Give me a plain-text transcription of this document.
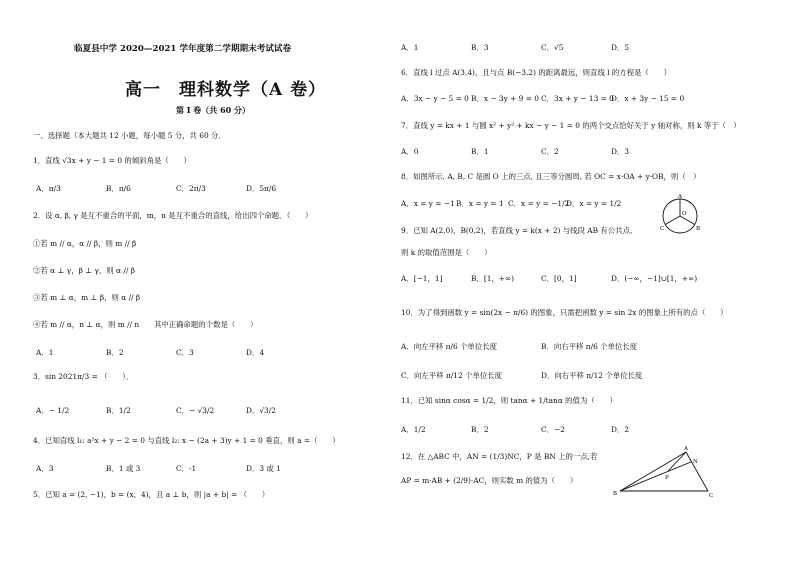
临夏县中学 2020—2021 学年度第二学期期末考试试卷
高一　理科数学（A 卷）
第 I 卷（共 60 分）
一、选择题（本大题共 12 小题，每小题 5 分，共 60 分．
1．直线 √3x + y − 1 = 0 的倾斜角是（　　）
A．π/3	B．π/6	C．2π/3	D．5π/6
2．设 α, β, γ 是互不重合的平面，m，n 是互不重合的直线，给出四个命题．（　　）
①若 m // α，α // β，则 m // β
②若 α ⊥ γ，β ⊥ γ，则 α // β
③若 m ⊥ α，m ⊥ β，则 α // β
④若 m // α，n ⊥ α，则 m // n　　其中正确命题的个数是（　　）
A．1	B．2	C．3	D．4
3．sin 2021π/3 = （　　）．
A．− 1/2	B．1/2	C．− √3/2	D．√3/2
4．已知直线 l₁: a²x + y − 2 = 0 与直线 l₂: x − (2a + 3)y + 1 = 0 垂直，则 a =（　　）
A．3	B．1 或 3	C．-1	D．3 或 1
5．已知 a = (2, −1)，b = (x，4)，且 a ⊥ b，则 |a + b| = （　　）
A．1	B．3	C．√5	D．5
6．直线 l 过点 A(3,4)，且与点 B(−3,2) 的距离最远，则直线 l 的方程是（　　）
A．3x − y − 5 = 0 B．x − 3y + 9 = 0 C．3x + y − 13 = 0
D．x + 3y − 15 = 0
7．直线 y = kx + 1 与圆 x² + y² + kx − y − 1 = 0 的两个交点恰好关于 y 轴对称，则 k 等于（　）
A．0	B．1	C．2	D．3
8．如图所示, A, B, C 是圆 O 上的三点, 且三等分圆周, 若 OC = x·OA + y·OB，则（　）
A．x = y = −1 B．x = y = 1 C．x = y = −1/2
D．x = y = 1/2
A
O
C	B
9．已知 A(2,0)，B(0,2)，若直线 y = k(x + 2) 与线段 AB 有公共点,
则 k 的取值范围是（　　）
A．[−1，1]	B．[1，+∞)	C．[0，1]	D．(−∞，−1]∪[1，+∞)
10．为了得到函数 y = sin(2x − π/6) 的图象，只需把函数 y = sin 2x 的图象上所有的点（　　）
A．向左平移 π/6 个单位长度	B．向右平移 π/6 个单位长度
C．向左平移 π/12 个单位长度	D．向右平移 π/12 个单位长度
11．已知 sinα cosα = 1/2，则 tanα + 1/tanα 的值为（　　）
A．1/2	B．2	C．−2	D．2
12．在 △ABC 中，AN = (1/3)NC，P 是 BN 上的一点,若
AP = m·AB + (2/9)·AC，则实数 m 的值为（　　）
A
N
P
B	C
